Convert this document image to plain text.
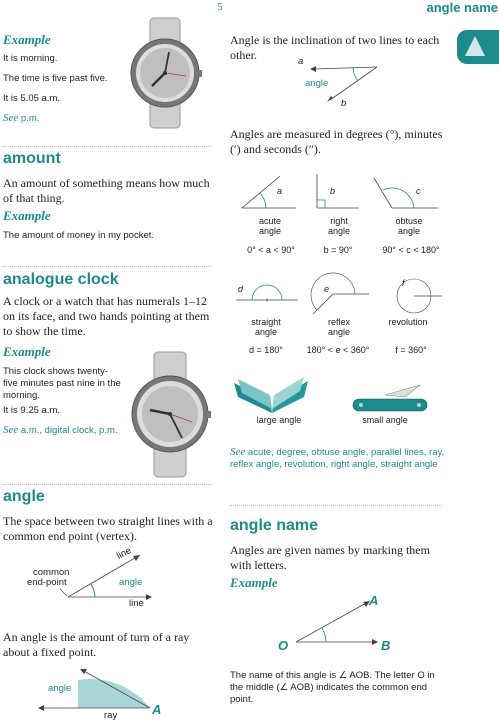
5	angle name
Example
It is morning.
The time is five past five.
It is 5.05 a.m.
See p.m.
amount
An amount of something means how much of that thing.
Example
The amount of money in my pocket.
analogue clock
A clock or a watch that has numerals 1–12 on its face, and two hands pointing at them to show the time.
Example
This clock shows twenty-five minutes past nine in the morning.
It is 9.25 a.m.
See a.m., digital clock, p.m.
angle
The space between two straight lines with a common end point (vertex).
line
common
end-point	angle
line
An angle is the amount of turn of a ray about a fixed point.
angle
ray	A
Angle is the inclination of two lines to each other.	a
angle
b
Angles are measured in degrees (°), minutes (′) and seconds (″).
a	b	c
acute
angle
right
angle
obtuse
angle
0° < a < 90°	b = 90°	90° < c < 180°
d	e
f
straight
angle
reflex
angle
revolution
d = 180°	180° < e < 360°	f = 360°
large angle	small angle
See acute, degree, obtuse angle, parallel lines, ray, reflex angle, revolution, right angle, straight angle
angle name
Angles are given names by marking them with letters.
Example
A
O	B
The name of this angle is ∠ AOB. The letter O in the middle (∠ AOB) indicates the common end point.
